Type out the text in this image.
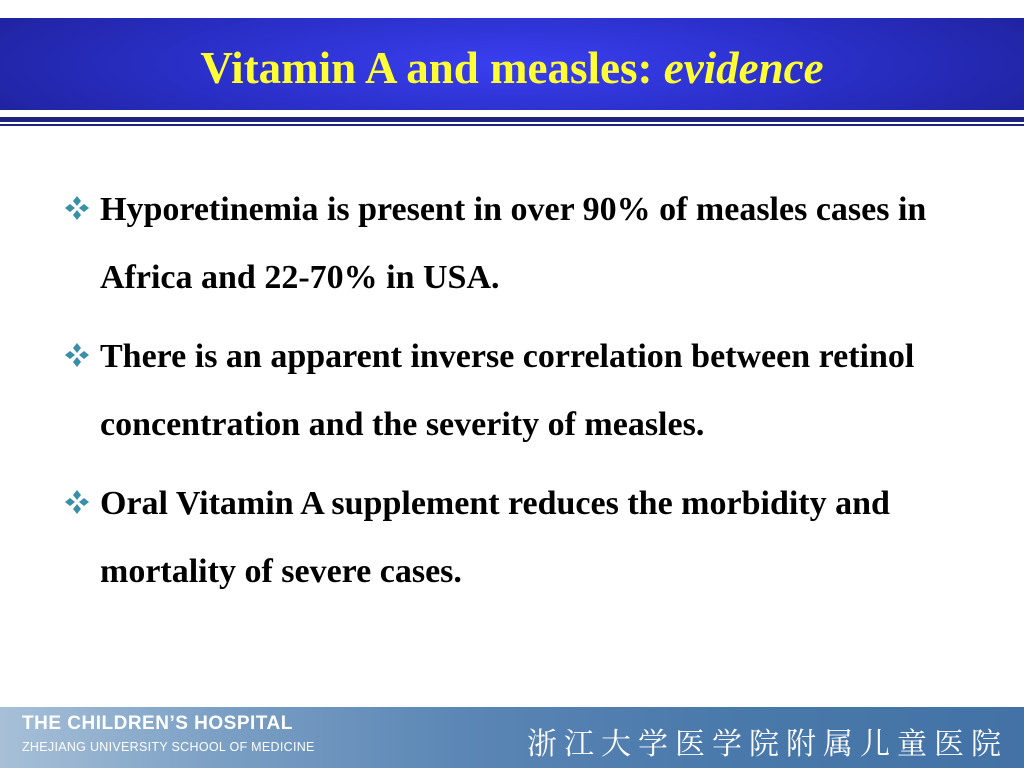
Vitamin A and measles: evidence
Hyporetinemia is present in over 90% of measles cases in Africa and 22-70% in USA.
There is an apparent inverse correlation between retinol concentration and the severity of measles.
Oral Vitamin A supplement reduces the morbidity and mortality of severe cases.
THE CHILDREN’S HOSPITAL
ZHEJIANG UNIVERSITY SCHOOL OF MEDICINE	浙江大学医学院附属儿童医院
